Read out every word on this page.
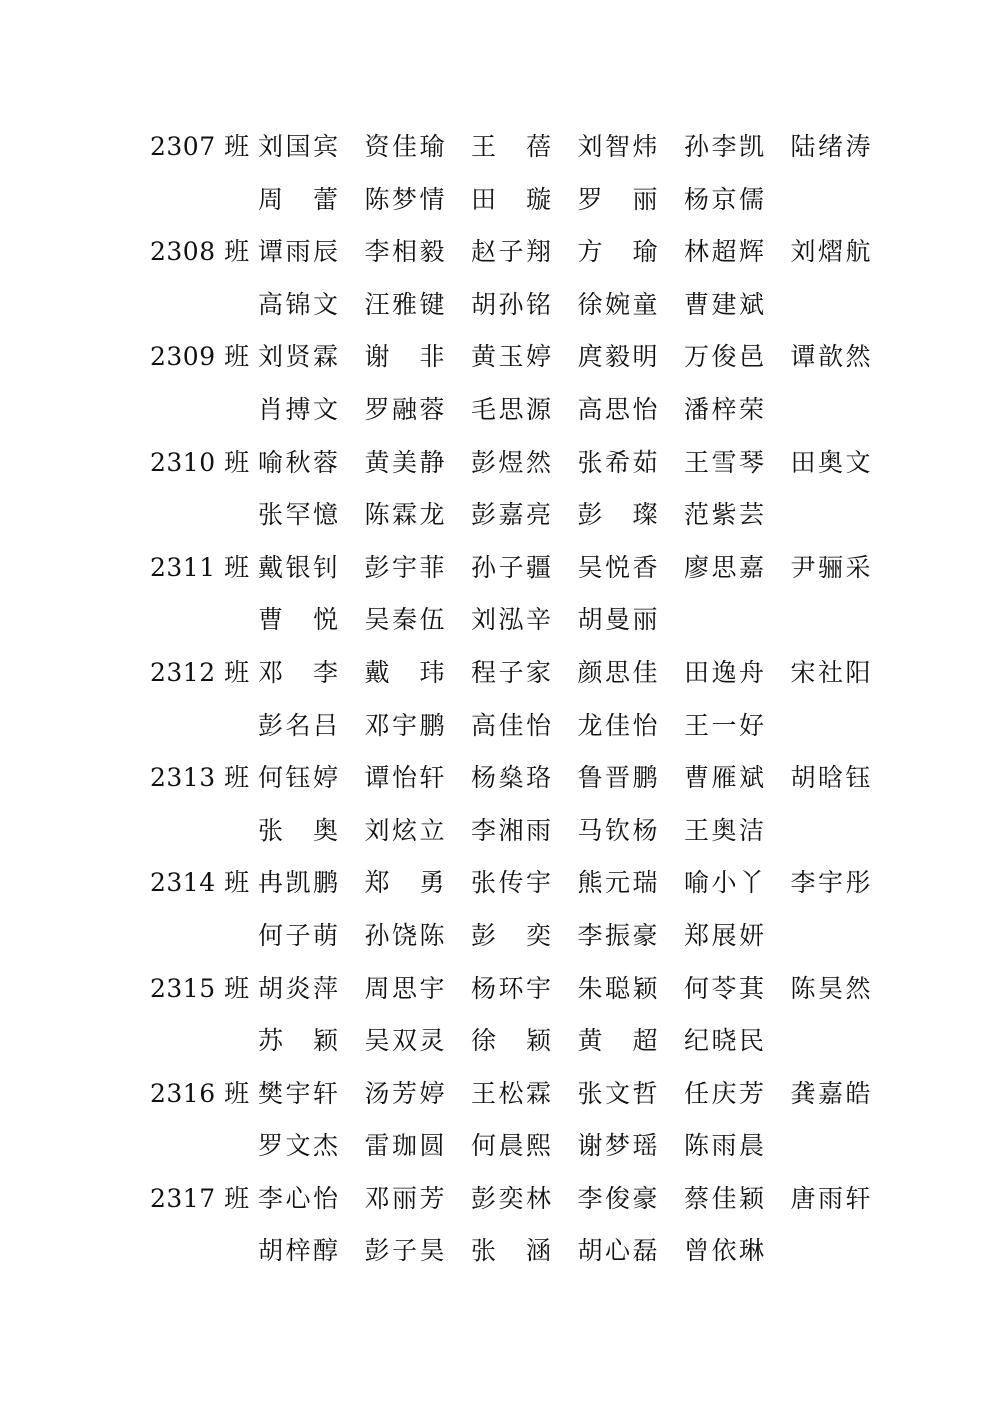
2307 班 刘国宾 资佳瑜 王　蓓 刘智炜 孙李凯 陆绪涛
周　蕾 陈梦情 田　璇 罗　丽 杨京儒
2308 班 谭雨辰 李相毅 赵子翔 方　瑜 林超辉 刘熠航
高锦文 汪雅键 胡孙铭 徐婉童 曹建斌
2309 班 刘贤霖 谢　非 黄玉婷 庹毅明 万俊邑 谭歆然
肖搏文 罗融蓉 毛思源 高思怡 潘梓荣
2310 班 喻秋蓉 黄美静 彭煜然 张希茹 王雪琴 田奥文
张罕憶 陈霖龙 彭嘉亮 彭　璨 范紫芸
2311 班 戴银钊 彭宇菲 孙子疆 吴悦香 廖思嘉 尹骊采
曹　悦 吴秦伍 刘泓辛 胡曼丽
2312 班 邓　李 戴　玮 程子家 颜思佳 田逸舟 宋社阳
彭名吕 邓宇鹏 高佳怡 龙佳怡 王一好
2313 班 何钰婷 谭怡轩 杨燊珞 鲁晋鹏 曹雁斌 胡晗钰
张　奥 刘炫立 李湘雨 马钦杨 王奥洁
2314 班 冉凯鹏 郑　勇 张传宇 熊元瑞 喻小丫 李宇彤
何子萌 孙饶陈 彭　奕 李振豪 郑展妍
2315 班 胡炎萍 周思宇 杨环宇 朱聪颖 何苓萁 陈昊然
苏　颖 吴双灵 徐　颖 黄　超 纪晓民
2316 班 樊宇轩 汤芳婷 王松霖 张文哲 任庆芳 龚嘉皓
罗文杰 雷珈圆 何晨熙 谢梦瑶 陈雨晨
2317 班 李心怡 邓丽芳 彭奕林 李俊豪 蔡佳颖 唐雨轩
胡梓醇 彭子昊 张　涵 胡心磊 曾依琳
